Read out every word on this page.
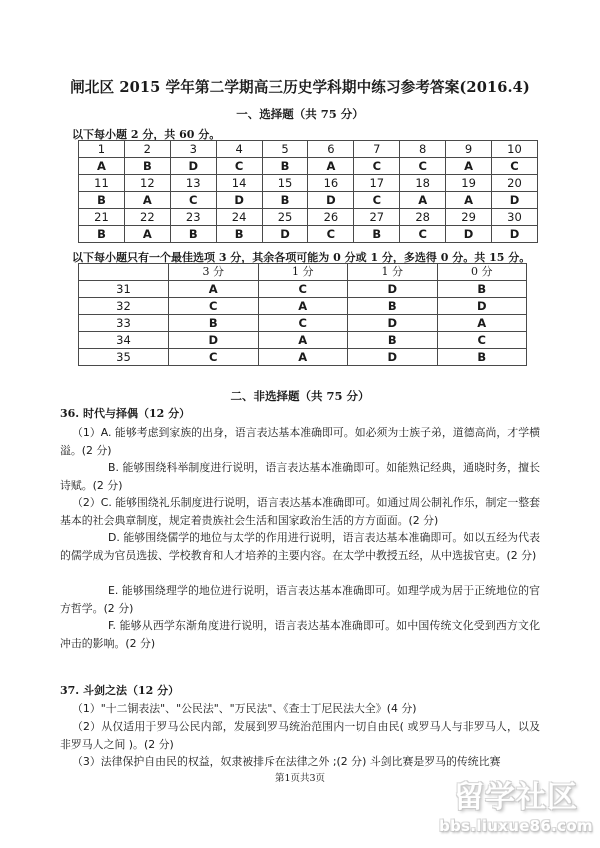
闸北区 2015 学年第二学期高三历史学科期中练习参考答案(2016.4)
一、选择题（共 75 分）
以下每小题 2 分，共 60 分。
1	2	3	4	5	6	7	8	9	10
A	B	D	C	B	A	C	C	A	C
11	12	13	14	15	16	17	18	19	20
B	A	C	D	B	D	C	A	A	D
21	22	23	24	25	26	27	28	29	30
B	A	B	B	D	C	B	C	D	D
以下每小题只有一个最佳选项 3 分，其余各项可能为 0 分或 1 分，多选得 0 分。共 15 分。
	3 分	1 分	1 分	0 分
31	A	C	D	B
32	C	A	B	D
33	B	C	D	A
34	D	A	B	C
35	C	A	D	B
二、非选择题（共 75 分）
36. 时代与择偶（12 分）
（1）A. 能够考虑到家族的出身，语言表达基本准确即可。如必须为士族子弟，道德高尚，才学横溢。(2 分)
B. 能够围绕科举制度进行说明，语言表达基本准确即可。如能熟记经典，通晓时务，擅长诗赋。(2 分)
（2）C. 能够围绕礼乐制度进行说明，语言表达基本准确即可。如通过周公制礼作乐，制定一整套基本的社会典章制度，规定着贵族社会生活和国家政治生活的方方面面。(2 分)
D. 能够围绕儒学的地位与太学的作用进行说明，语言表达基本准确即可。如以五经为代表的儒学成为官员选拔、学校教育和人才培养的主要内容。在太学中教授五经，从中选拔官吏。(2 分)
E. 能够围绕理学的地位进行说明，语言表达基本准确即可。如理学成为居于正统地位的官方哲学。(2 分)
F. 能够从西学东渐角度进行说明，语言表达基本准确即可。如中国传统文化受到西方文化冲击的影响。(2 分)
37. 斗剑之法（12 分）
（1）"十二铜表法"、"公民法"、"万民法"、《查士丁尼民法大全》(4 分)
（2）从仅适用于罗马公民内部，发展到罗马统治范围内一切自由民( 或罗马人与非罗马人，以及非罗马人之间 )。(2 分)
（3）法律保护自由民的权益，奴隶被排斥在法律之外 ;(2 分) 斗剑比赛是罗马的传统比赛
第1页共3页
留学社区
bbs.liuxue86.com
